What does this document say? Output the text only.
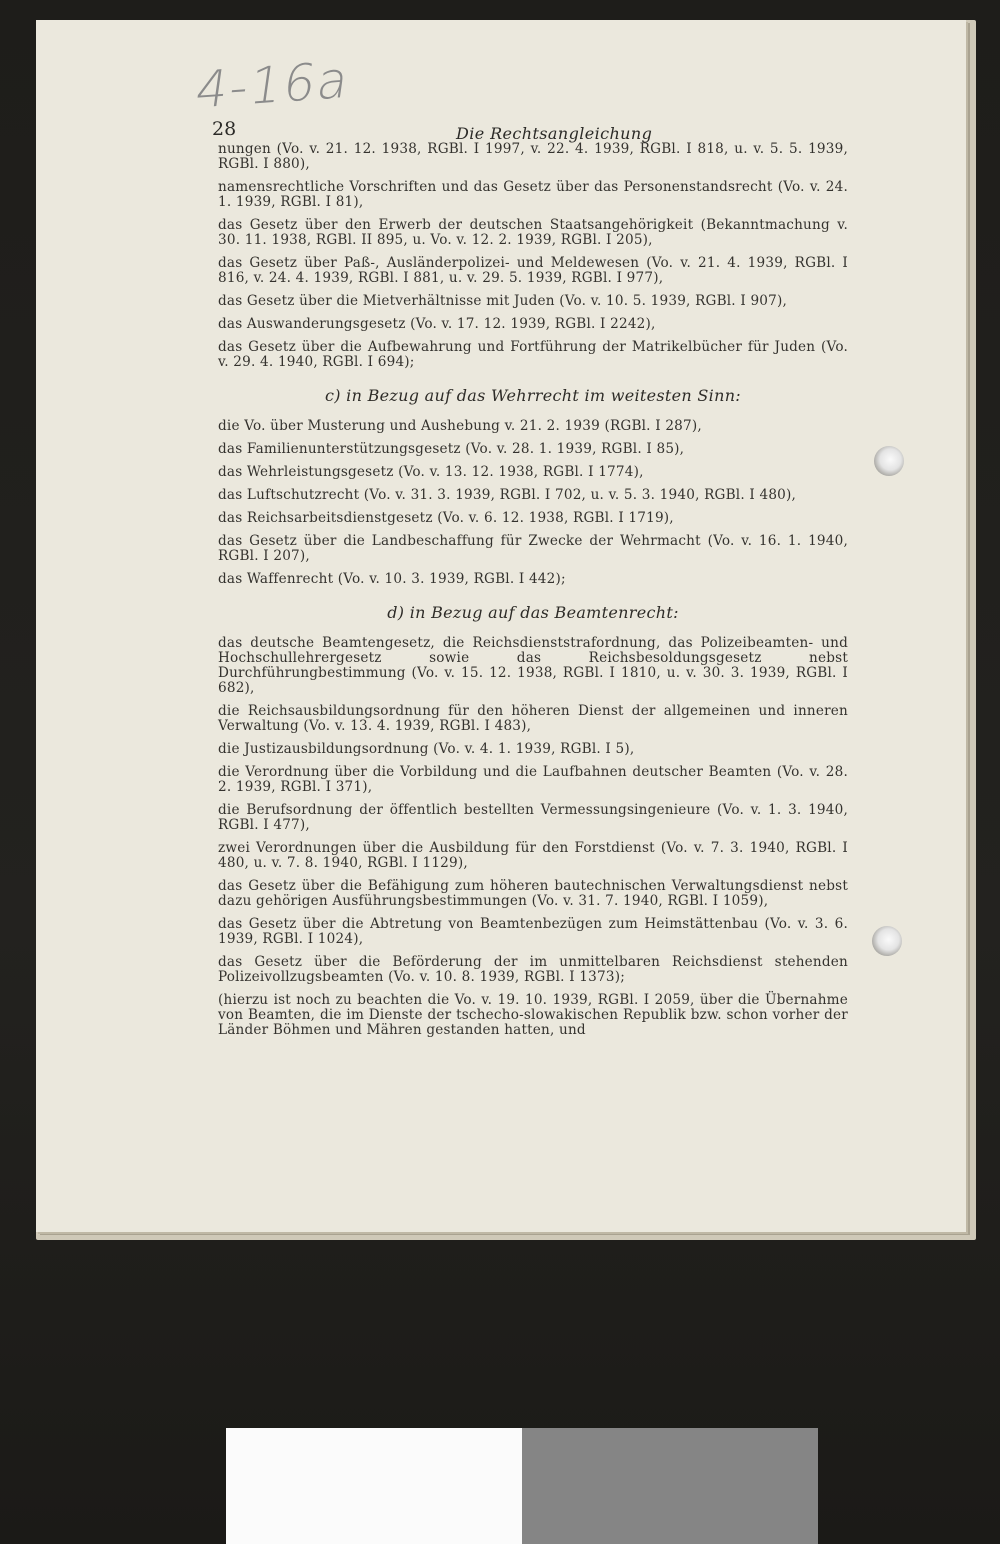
4-16a
28	Die Rechtsangleichung

nungen (Vo. v. 21. 12. 1938, RGBl. I 1997, v. 22. 4. 1939, RGBl. I 818, u. v. 5. 5. 1939, RGBl. I 880),

namensrechtliche Vorschriften und das Gesetz über das Personenstandsrecht (Vo. v. 24. 1. 1939, RGBl. I 81),

das Gesetz über den Erwerb der deutschen Staatsangehörigkeit (Bekanntmachung v. 30. 11. 1938, RGBl. II 895, u. Vo. v. 12. 2. 1939, RGBl. I 205),

das Gesetz über Paß-, Ausländerpolizei- und Meldewesen (Vo. v. 21. 4. 1939, RGBl. I 816, v. 24. 4. 1939, RGBl. I 881, u. v. 29. 5. 1939, RGBl. I 977),

das Gesetz über die Mietverhältnisse mit Juden (Vo. v. 10. 5. 1939, RGBl. I 907),

das Auswanderungsgesetz (Vo. v. 17. 12. 1939, RGBl. I 2242),

das Gesetz über die Aufbewahrung und Fortführung der Matrikelbücher für Juden (Vo. v. 29. 4. 1940, RGBl. I 694);

c) in Bezug auf das Wehrrecht im weitesten Sinn:

die Vo. über Musterung und Aushebung v. 21. 2. 1939 (RGBl. I 287),

das Familienunterstützungsgesetz (Vo. v. 28. 1. 1939, RGBl. I 85),

das Wehrleistungsgesetz (Vo. v. 13. 12. 1938, RGBl. I 1774),

das Luftschutzrecht (Vo. v. 31. 3. 1939, RGBl. I 702, u. v. 5. 3. 1940, RGBl. I 480),

das Reichsarbeitsdienstgesetz (Vo. v. 6. 12. 1938, RGBl. I 1719),

das Gesetz über die Landbeschaffung für Zwecke der Wehrmacht (Vo. v. 16. 1. 1940, RGBl. I 207),

das Waffenrecht (Vo. v. 10. 3. 1939, RGBl. I 442);

d) in Bezug auf das Beamtenrecht:

das deutsche Beamtengesetz, die Reichsdienststrafordnung, das Polizeibeamten- und Hochschullehrergesetz sowie das Reichsbesoldungsgesetz nebst Durchführungbestimmung (Vo. v. 15. 12. 1938, RGBl. I 1810, u. v. 30. 3. 1939, RGBl. I 682),

die Reichsausbildungsordnung für den höheren Dienst der allgemeinen und inneren Verwaltung (Vo. v. 13. 4. 1939, RGBl. I 483),

die Justizausbildungsordnung (Vo. v. 4. 1. 1939, RGBl. I 5),

die Verordnung über die Vorbildung und die Laufbahnen deutscher Beamten (Vo. v. 28. 2. 1939, RGBl. I 371),

die Berufsordnung der öffentlich bestellten Vermessungsingenieure (Vo. v. 1. 3. 1940, RGBl. I 477),

zwei Verordnungen über die Ausbildung für den Forstdienst (Vo. v. 7. 3. 1940, RGBl. I 480, u. v. 7. 8. 1940, RGBl. I 1129),

das Gesetz über die Befähigung zum höheren bautechnischen Verwaltungsdienst nebst dazu gehörigen Ausführungsbestimmungen (Vo. v. 31. 7. 1940, RGBl. I 1059),

das Gesetz über die Abtretung von Beamtenbezügen zum Heimstättenbau (Vo. v. 3. 6. 1939, RGBl. I 1024),

das Gesetz über die Beförderung der im unmittelbaren Reichsdienst stehenden Polizeivollzugsbeamten (Vo. v. 10. 8. 1939, RGBl. I 1373);

(hierzu ist noch zu beachten die Vo. v. 19. 10. 1939, RGBl. I 2059, über die Übernahme von Beamten, die im Dienste der tschecho-slowakischen Republik bzw. schon vorher der Länder Böhmen und Mähren gestanden hatten, und
